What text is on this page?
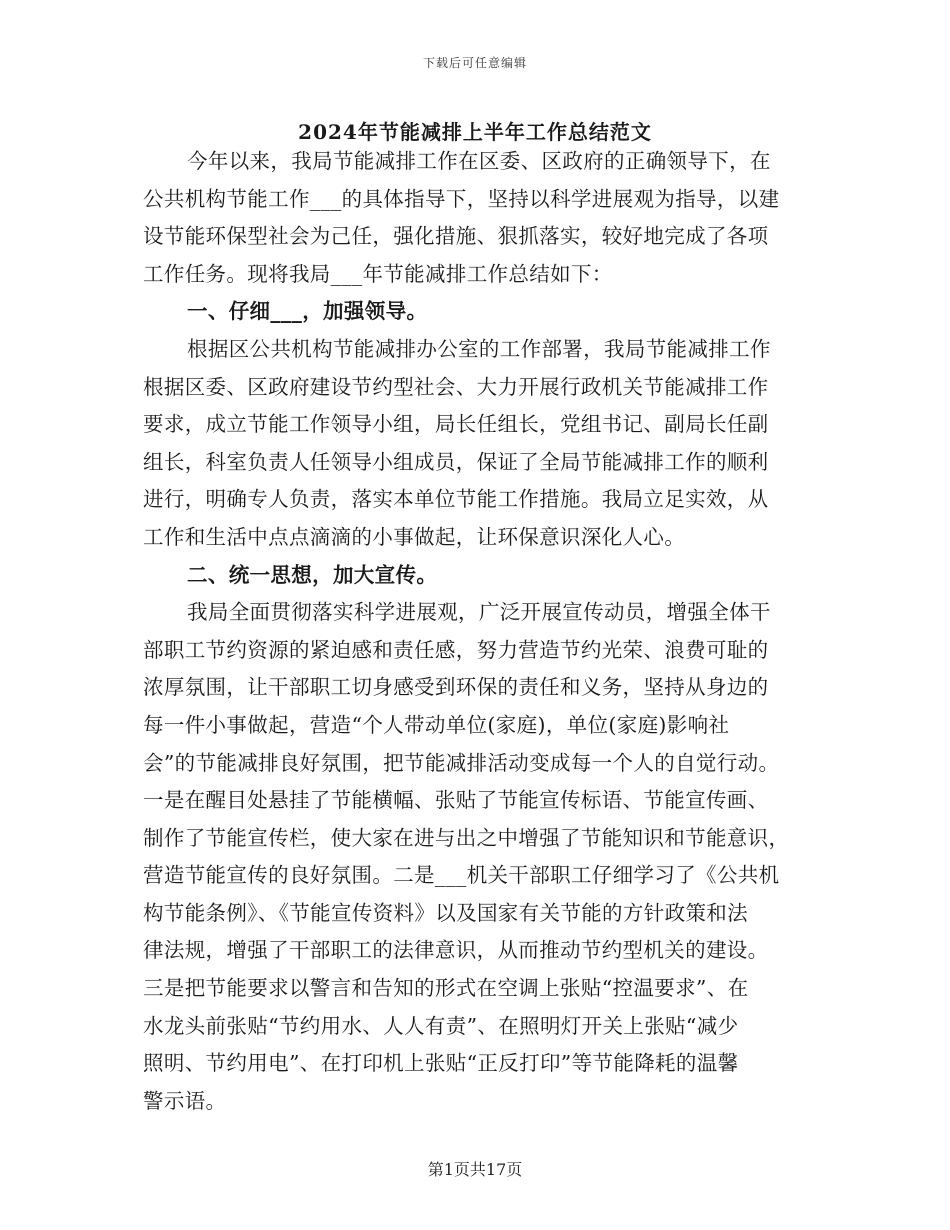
下载后可任意编辑
2024年节能减排上半年工作总结范文
今年以来，我局节能减排工作在区委、区政府的正确领导下，在
公共机构节能工作___的具体指导下，坚持以科学进展观为指导，以建
设节能环保型社会为己任，强化措施、狠抓落实，较好地完成了各项
工作任务。现将我局___年节能减排工作总结如下：
一、仔细___，加强领导。
根据区公共机构节能减排办公室的工作部署，我局节能减排工作
根据区委、区政府建设节约型社会、大力开展行政机关节能减排工作
要求，成立节能工作领导小组，局长任组长，党组书记、副局长任副
组长，科室负责人任领导小组成员，保证了全局节能减排工作的顺利
进行，明确专人负责，落实本单位节能工作措施。我局立足实效，从
工作和生活中点点滴滴的小事做起，让环保意识深化人心。
二、统一思想，加大宣传。
我局全面贯彻落实科学进展观，广泛开展宣传动员，增强全体干
部职工节约资源的紧迫感和责任感，努力营造节约光荣、浪费可耻的
浓厚氛围，让干部职工切身感受到环保的责任和义务，坚持从身边的
每一件小事做起，营造“个人带动单位(家庭)，单位(家庭)影响社
会”的节能减排良好氛围，把节能减排活动变成每一个人的自觉行动。
一是在醒目处悬挂了节能横幅、张贴了节能宣传标语、节能宣传画、
制作了节能宣传栏，使大家在进与出之中增强了节能知识和节能意识，
营造节能宣传的良好氛围。二是___机关干部职工仔细学习了《公共机
构节能条例》、《节能宣传资料》以及国家有关节能的方针政策和法
律法规，增强了干部职工的法律意识，从而推动节约型机关的建设。
三是把节能要求以警言和告知的形式在空调上张贴“控温要求”、在
水龙头前张贴“节约用水、人人有责”、在照明灯开关上张贴“减少
照明、节约用电”、在打印机上张贴“正反打印”等节能降耗的温馨
警示语。
第1页共17页
